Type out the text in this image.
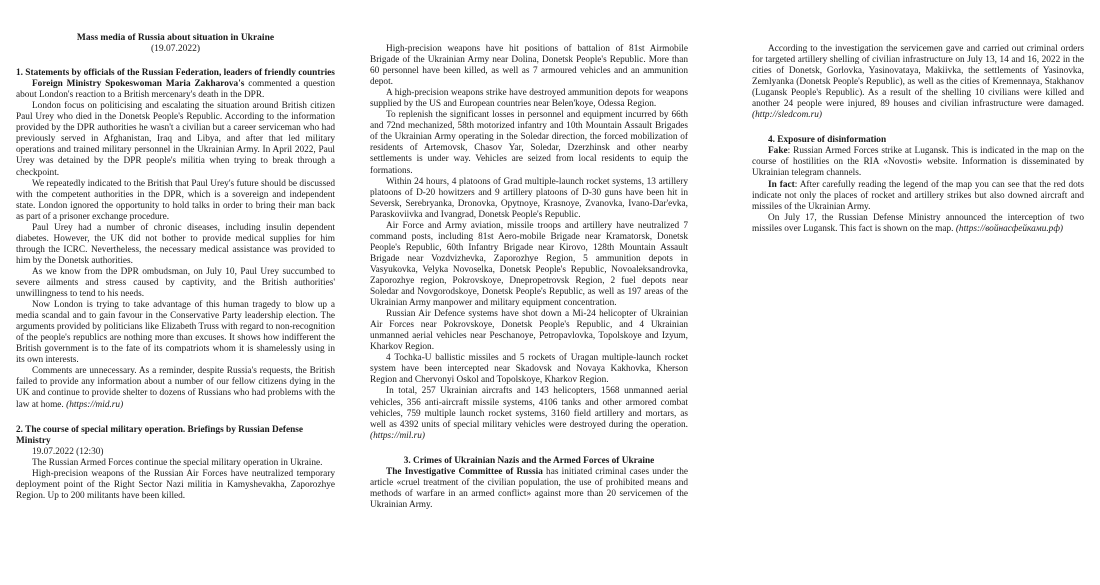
Mass media of Russia about situation in Ukraine

(19.07.2022)

1. Statements by officials of the Russian Federation, leaders of friendly countries

Foreign Ministry Spokeswoman Maria Zakharova's commented a question about London's reaction to a British mercenary's death in the DPR.

London focus on politicising and escalating the situation around British citizen Paul Urey who died in the Donetsk People's Republic. According to the information provided by the DPR authorities he wasn't a civilian but a career serviceman who had previously served in Afghanistan, Iraq and Libya, and after that led military operations and trained military personnel in the Ukrainian Army. In April 2022, Paul Urey was detained by the DPR people's militia when trying to break through a checkpoint.

We repeatedly indicated to the British that Paul Urey's future should be discussed with the competent authorities in the DPR, which is a sovereign and independent state. London ignored the opportunity to hold talks in order to bring their man back as part of a prisoner exchange procedure.

Paul Urey had a number of chronic diseases, including insulin dependent diabetes. However, the UK did not bother to provide medical supplies for him through the ICRC. Nevertheless, the necessary medical assistance was provided to him by the Donetsk authorities.

As we know from the DPR ombudsman, on July 10, Paul Urey succumbed to severe ailments and stress caused by captivity, and the British authorities' unwillingness to tend to his needs.

Now London is trying to take advantage of this human tragedy to blow up a media scandal and to gain favour in the Conservative Party leadership election. The arguments provided by politicians like Elizabeth Truss with regard to non-recognition of the people's republics are nothing more than excuses. It shows how indifferent the British government is to the fate of its compatriots whom it is shamelessly using in its own interests.

Comments are unnecessary. As a reminder, despite Russia's requests, the British failed to provide any information about a number of our fellow citizens dying in the UK and continue to provide shelter to dozens of Russians who had problems with the law at home. (https://mid.ru)

2. The course of special military operation. Briefings by Russian Defense Ministry

19.07.2022 (12:30)

The Russian Armed Forces continue the special military operation in Ukraine.

High-precision weapons of the Russian Air Forces have neutralized temporary deployment point of the Right Sector Nazi militia in Kamyshevakha, Zaporozhye Region. Up to 200 militants have been killed.

High-precision weapons have hit positions of battalion of 81st Airmobile Brigade of the Ukrainian Army near Dolina, Donetsk People's Republic. More than 60 personnel have been killed, as well as 7 armoured vehicles and an ammunition depot.

A high-precision weapons strike have destroyed ammunition depots for weapons supplied by the US and European countries near Belen'koye, Odessa Region.

To replenish the significant losses in personnel and equipment incurred by 66th and 72nd mechanized, 58th motorized infantry and 10th Mountain Assault Brigades of the Ukrainian Army operating in the Soledar direction, the forced mobilization of residents of Artemovsk, Chasov Yar, Soledar, Dzerzhinsk and other nearby settlements is under way. Vehicles are seized from local residents to equip the formations.

Within 24 hours, 4 platoons of Grad multiple-launch rocket systems, 13 artillery platoons of D-20 howitzers and 9 artillery platoons of D-30 guns have been hit in Seversk, Serebryanka, Dronovka, Opytnoye, Krasnoye, Zvanovka, Ivano-Dar'evka, Paraskoviivka and Ivangrad, Donetsk People's Republic.

Air Force and Army aviation, missile troops and artillery have neutralized 7 command posts, including 81st Aero-mobile Brigade near Kramatorsk, Donetsk People's Republic, 60th Infantry Brigade near Kirovo, 128th Mountain Assault Brigade near Vozdvizhevka, Zaporozhye Region, 5 ammunition depots in Vasyukovka, Velyka Novoselka, Donetsk People's Republic, Novoaleksandrovka, Zaporozhye region, Pokrovskoye, Dnepropetrovsk Region, 2 fuel depots near Soledar and Novgorodskoye, Donetsk People's Republic, as well as 197 areas of the Ukrainian Army manpower and military equipment concentration.

Russian Air Defence systems have shot down a Mi-24 helicopter of Ukrainian Air Forces near Pokrovskoye, Donetsk People's Republic, and 4 Ukrainian unmanned aerial vehicles near Peschanoye, Petropavlovka, Topolskoye and Izyum, Kharkov Region.

4 Tochka-U ballistic missiles and 5 rockets of Uragan multiple-launch rocket system have been intercepted near Skadovsk and Novaya Kakhovka, Kherson Region and Chervonyi Oskol and Topolskoye, Kharkov Region.

In total, 257 Ukrainian aircrafts and 143 helicopters, 1568 unmanned aerial vehicles, 356 anti-aircraft missile systems, 4106 tanks and other armored combat vehicles, 759 multiple launch rocket systems, 3160 field artillery and mortars, as well as 4392 units of special military vehicles were destroyed during the operation. (https://mil.ru)

3. Crimes of Ukrainian Nazis and the Armed Forces of Ukraine

The Investigative Committee of Russia has initiated criminal cases under the article «cruel treatment of the civilian population, the use of prohibited means and methods of warfare in an armed conflict» against more than 20 servicemen of the Ukrainian Army.

According to the investigation the servicemen gave and carried out criminal orders for targeted artillery shelling of civilian infrastructure on July 13, 14 and 16, 2022 in the cities of Donetsk, Gorlovka, Yasinovataya, Makiivka, the settlements of Yasinovka, Zemlyanka (Donetsk People's Republic), as well as the cities of Kremennaya, Stakhanov (Lugansk People's Republic). As a result of the shelling 10 civilians were killed and another 24 people were injured, 89 houses and civilian infrastructure were damaged. (http://sledcom.ru)

4. Exposure of disinformation

Fake: Russian Armed Forces strike at Lugansk. This is indicated in the map on the course of hostilities on the RIA «Novosti» website. Information is disseminated by Ukrainian telegram channels.

In fact: After carefully reading the legend of the map you can see that the red dots indicate not only the places of rocket and artillery strikes but also downed aircraft and missiles of the Ukrainian Army.

On July 17, the Russian Defense Ministry announced the interception of two missiles over Lugansk. This fact is shown on the map. (https://войнасфейками.рф)
